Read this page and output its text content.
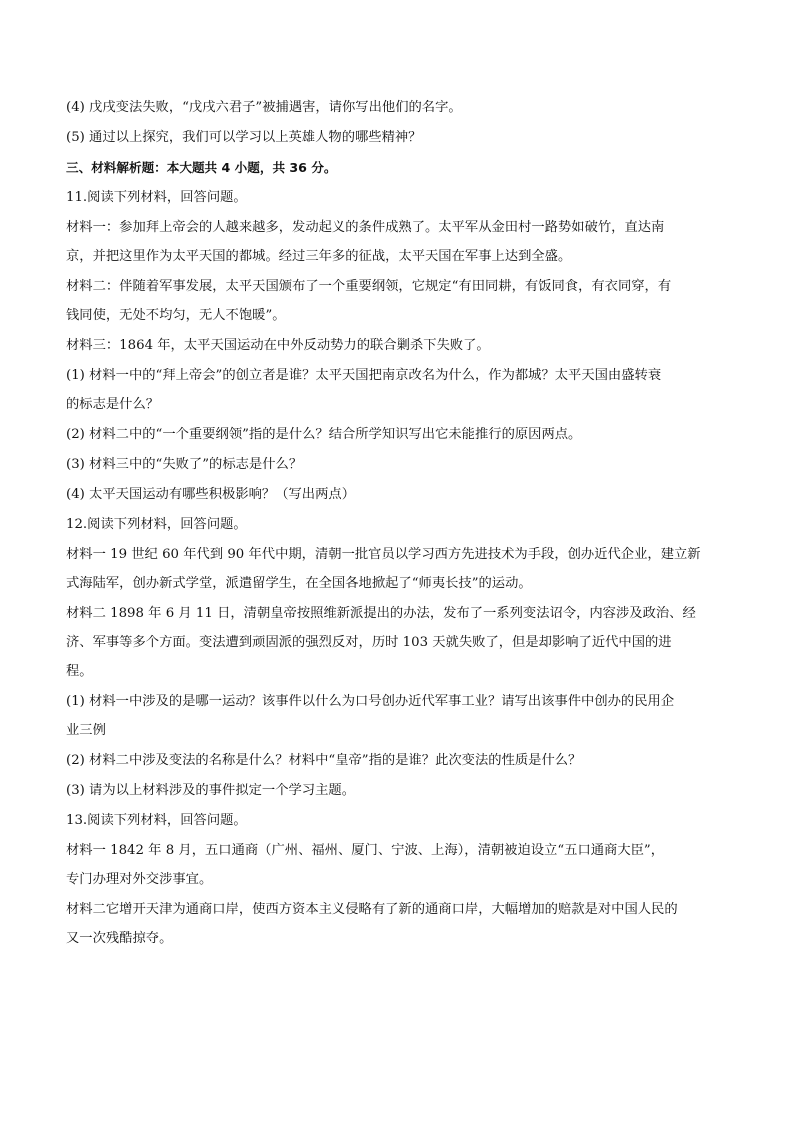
(4) 戊戌变法失败，“戊戌六君子”被捕遇害，请你写出他们的名字。
(5) 通过以上探究，我们可以学习以上英雄人物的哪些精神？
三、材料解析题：本大题共 4 小题，共 36 分。
11.阅读下列材料，回答问题。
材料一：参加拜上帝会的人越来越多，发动起义的条件成熟了。太平军从金田村一路势如破竹，直达南
京，并把这里作为太平天国的都城。经过三年多的征战，太平天国在军事上达到全盛。
材料二：伴随着军事发展，太平天国颁布了一个重要纲领，它规定“有田同耕，有饭同食，有衣同穿，有
钱同使，无处不均匀，无人不饱暖”。
材料三：1864 年，太平天国运动在中外反动势力的联合剿杀下失败了。
(1) 材料一中的“拜上帝会”的创立者是谁？太平天国把南京改名为什么，作为都城？太平天国由盛转衰
的标志是什么？
(2) 材料二中的“一个重要纲领”指的是什么？结合所学知识写出它未能推行的原因两点。
(3) 材料三中的“失败了”的标志是什么？
(4) 太平天国运动有哪些积极影响？（写出两点）
12.阅读下列材料，回答问题。
材料一 19 世纪 60 年代到 90 年代中期，清朝一批官员以学习西方先进技术为手段，创办近代企业，建立新
式海陆军，创办新式学堂，派遣留学生，在全国各地掀起了“师夷长技”的运动。
材料二 1898 年 6 月 11 日，清朝皇帝按照维新派提出的办法，发布了一系列变法诏令，内容涉及政治、经
济、军事等多个方面。变法遭到顽固派的强烈反对，历时 103 天就失败了，但是却影响了近代中国的进
程。
(1) 材料一中涉及的是哪一运动？该事件以什么为口号创办近代军事工业？请写出该事件中创办的民用企
业三例
(2) 材料二中涉及变法的名称是什么？材料中“皇帝”指的是谁？此次变法的性质是什么？
(3) 请为以上材料涉及的事件拟定一个学习主题。
13.阅读下列材料，回答问题。
材料一 1842 年 8 月，五口通商（广州、福州、厦门、宁波、上海），清朝被迫设立“五口通商大臣”，
专门办理对外交涉事宜。
材料二它增开天津为通商口岸，使西方资本主义侵略有了新的通商口岸，大幅增加的赔款是对中国人民的
又一次残酷掠夺。
